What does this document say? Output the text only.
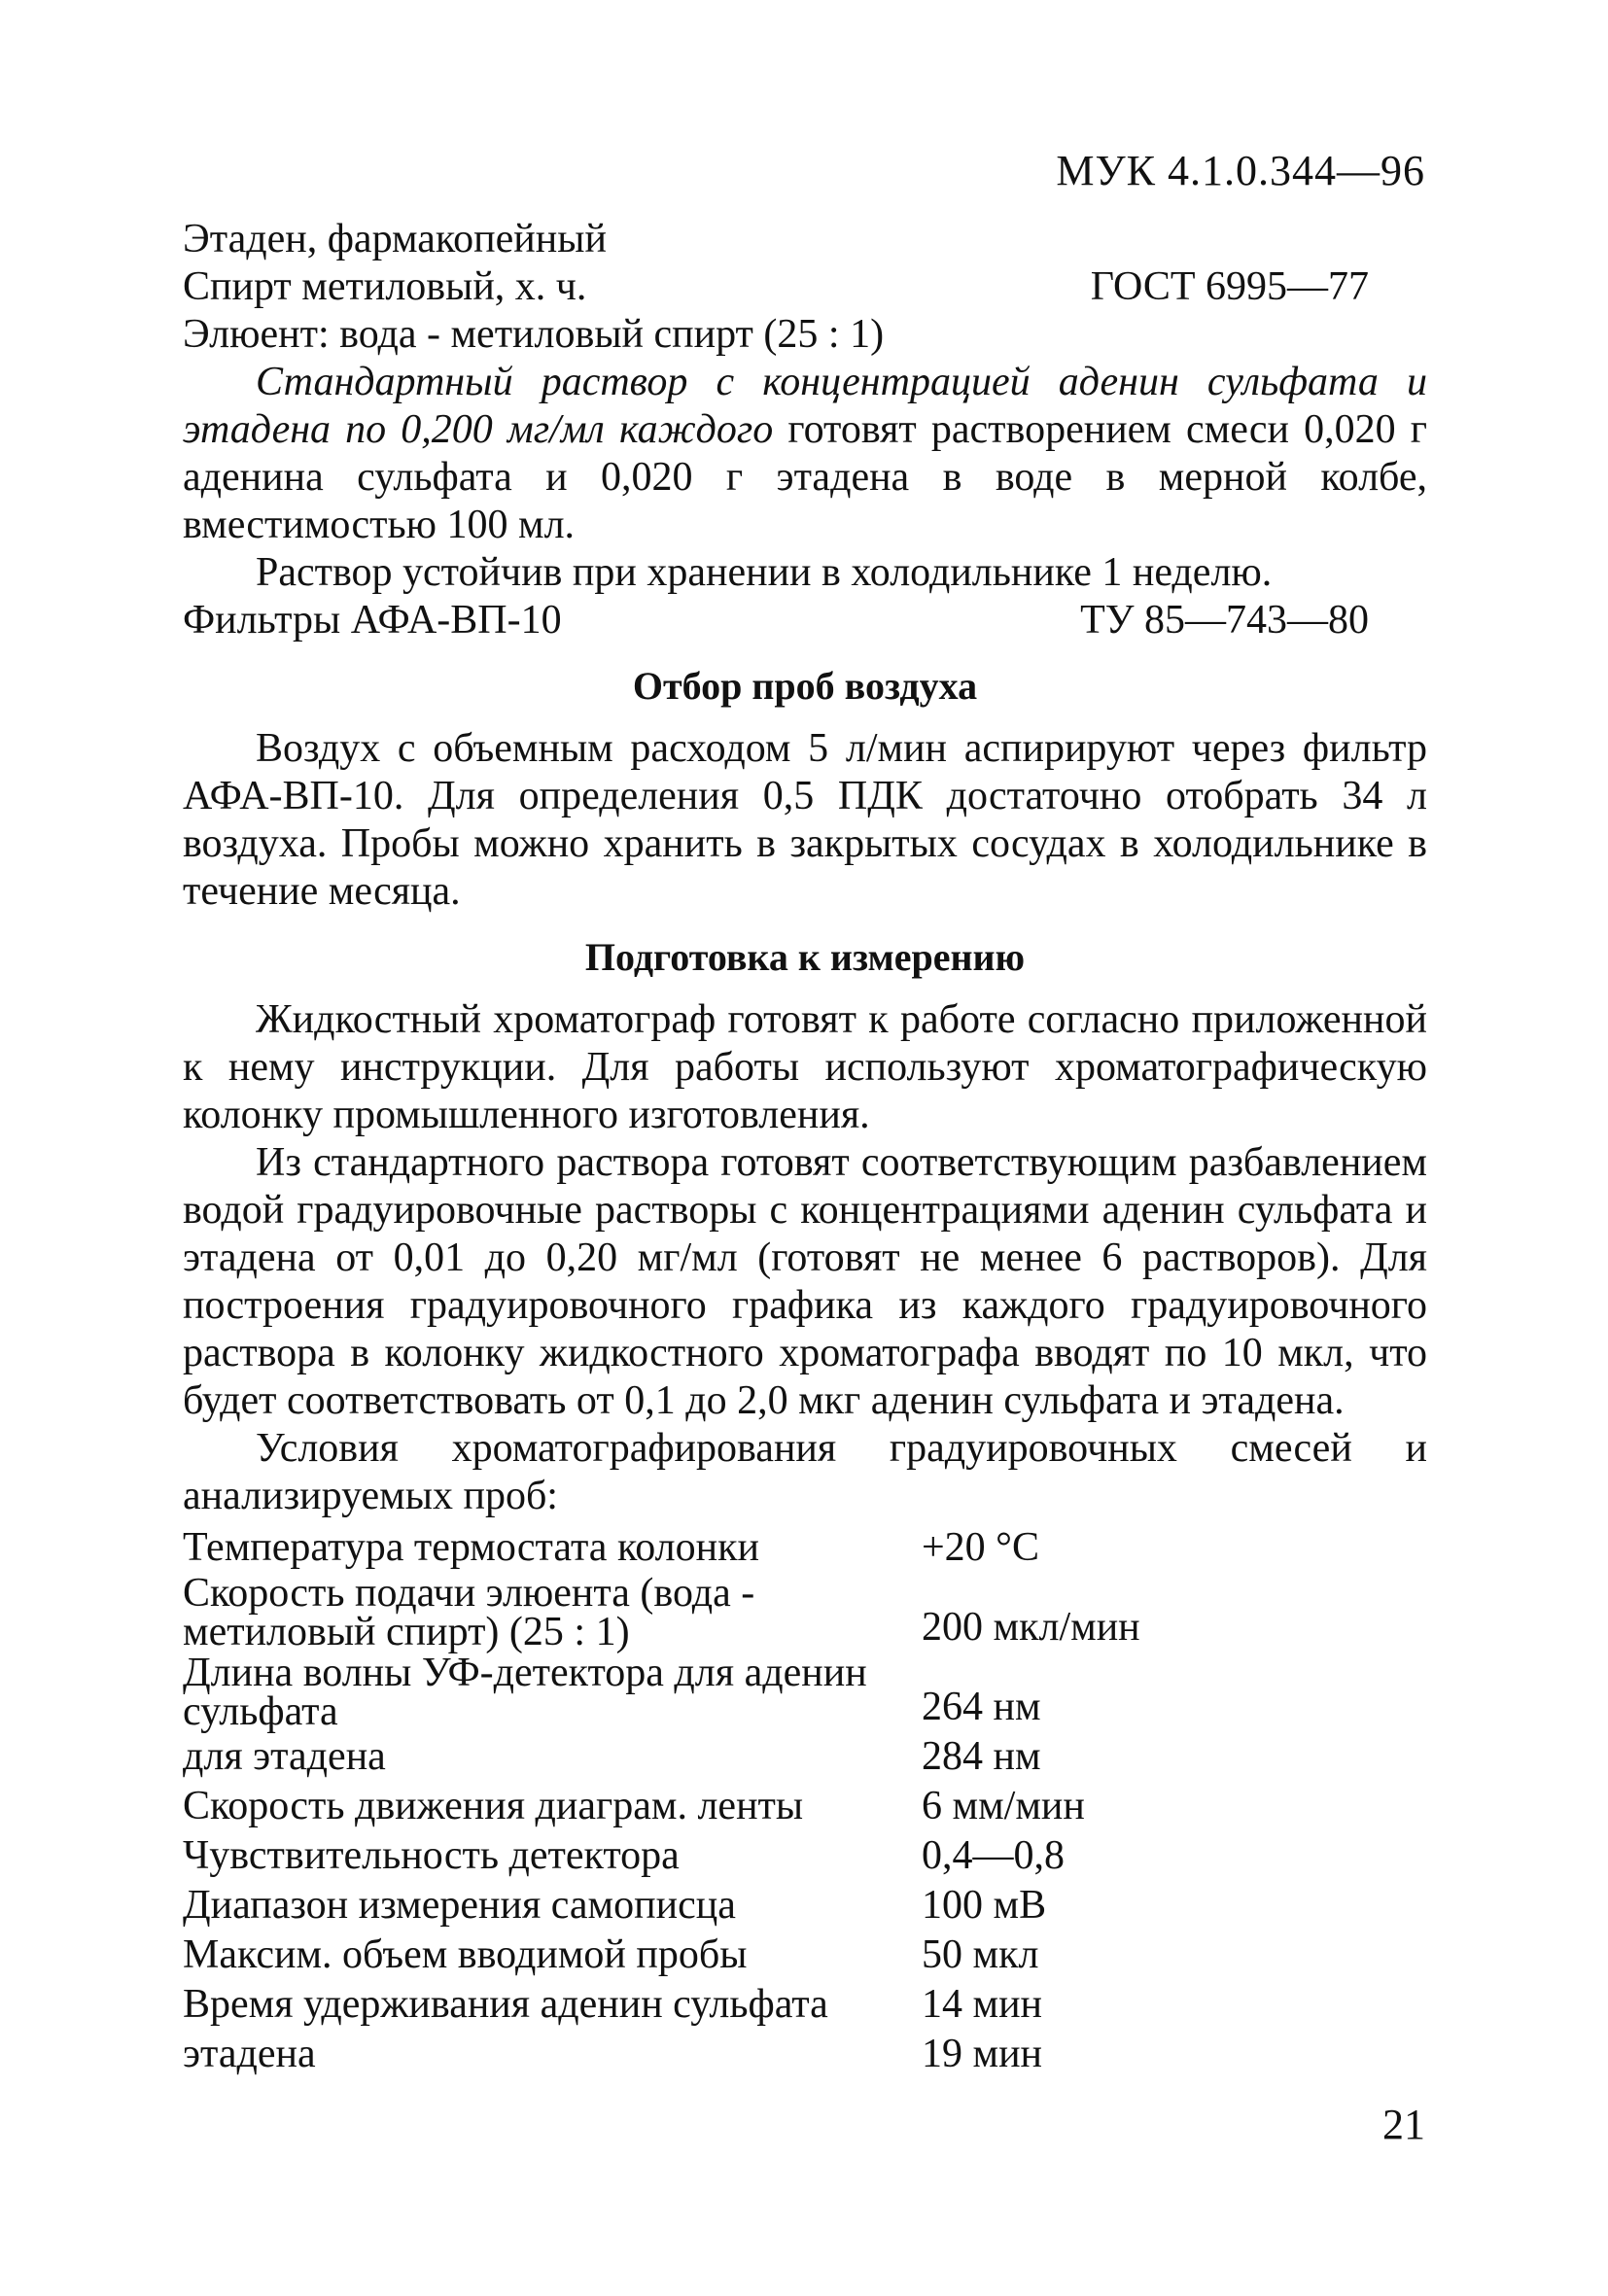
МУК 4.1.0.344—96

Этаден, фармакопейный

Спирт метиловый, х. ч.	ГОСТ 6995—77

Элюент: вода - метиловый спирт (25 : 1)

Стандартный раствор с концентрацией аденин сульфата и этадена по 0,200 мг/мл каждого готовят растворением смеси 0,020 г аденина сульфата и 0,020 г этадена в воде в мерной колбе, вместимостью 100 мл.

Раствор устойчив при хранении в холодильнике 1 неделю.

Фильтры АФА-ВП-10	ТУ 85—743—80
Отбор проб воздуха

Воздух с объемным расходом 5 л/мин аспирируют через фильтр АФА-ВП-10. Для определения 0,5 ПДК достаточно отобрать 34 л воздуха. Пробы можно хранить в закрытых сосудах в холодильнике в течение месяца.

Подготовка к измерению

Жидкостный хроматограф готовят к работе согласно приложенной к нему инструкции. Для работы используют хроматографическую колонку промышленного изготовления.

Из стандартного раствора готовят соответствующим разбавлением водой градуировочные растворы с концентрациями аденин сульфата и этадена от 0,01 до 0,20 мг/мл (готовят не менее 6 растворов). Для построения градуировочного графика из каждого градуировочного раствора в колонку жидкостного хроматографа вводят по 10 мкл, что будет соответствовать от 0,1 до 2,0 мкг аденин сульфата и этадена.

Условия хроматографирования градуировочных смесей и анализируемых проб:

Температура термостата колонки	+20 °С
Скорость подачи элюента (вода - метиловый спирт) (25 : 1)	200 мкл/мин
Длина волны УФ-детектора для аденин сульфата	264 нм
для этадена	284 нм
Скорость движения диаграм. ленты	6 мм/мин
Чувствительность детектора	0,4—0,8
Диапазон измерения самописца	100 мВ
Максим. объем вводимой пробы	50 мкл
Время удерживания аденин сульфата	14 мин
этадена	19 мин
21
